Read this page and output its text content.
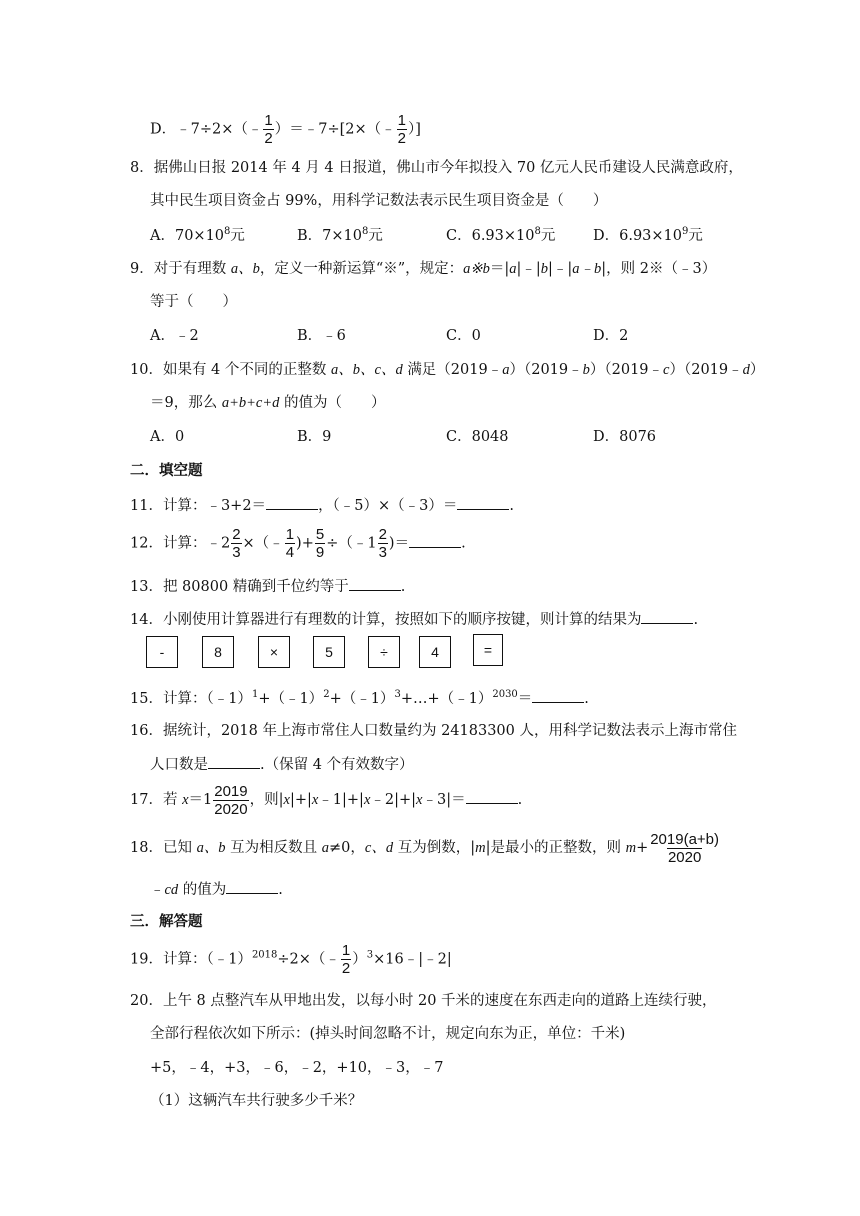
D．﹣7÷2×（﹣ $\frac{1}{2}$ ）＝﹣7÷[2×（﹣ $\frac{1}{2}$ ）]
8．据佛山日报 2014 年 4 月 4 日报道，佛山市今年拟投入 70 亿元人民币建设人民满意政府，
其中民生项目资金占 99%，用科学记数法表示民生项目资金是（　　）
A．$70\times 10^8$元	B．$7\times 10^8$元	C．$6.93\times 10^8$元	D．$6.93\times 10^9$元
9．对于有理数 a、b，定义一种新运算“※”，规定：a※b＝|a|﹣|b|﹣|a﹣b|，则 2※（﹣3）
等于（　　）
A．﹣2	B．﹣6	C．0	D．2
10．如果有 4 个不同的正整数 a、b、c、d 满足（2019﹣a）（2019﹣b）（2019﹣c）（2019﹣d）
＝9，那么 a+b+c+d 的值为（　　）
A．0	B．9	C．8048	D．8076
二．填空题
11．计算：﹣3+2＝	，（﹣5）×（﹣3）＝	.
12．计算：﹣2 $\frac{2}{3}$ ×（﹣ $\frac{1}{4}$ )+ $\frac{5}{9}$ ÷（﹣1 $\frac{2}{3}$ )＝	.
13．把 80800 精确到千位约等于	.
14．小刚使用计算器进行有理数的计算，按照如下的顺序按键，则计算的结果为	.
-	8	×	5	÷	4	=
15．计算：（﹣1）$^1$+（﹣1）$^2$+（﹣1）$^3$+…+（﹣1）$^{2030}$＝	.
16．据统计，2018 年上海市常住人口数量约为 24183300 人，用科学记数法表示上海市常住
人口数是	.（保留 4 个有效数字）
17．若 $x=1 \frac{2019}{2020}$ ，则|x|+|x﹣1|+|x﹣2|+|x﹣3|＝	.
18．已知 a、b 互为相反数且 a≠0，c、d 互为倒数，|m|是最小的正整数，则 $m+ \frac{2019(a+b)}{2020}$
﹣cd 的值为	.
三．解答题
19．计算：（﹣1）$^{2018}$÷2×（﹣ $\frac{1}{2}$ ）$^3$×16﹣|﹣2|
20．上午 8 点整汽车从甲地出发，以每小时 20 千米的速度在东西走向的道路上连续行驶，
全部行程依次如下所示：(掉头时间忽略不计，规定向东为正，单位：千米)
+5，﹣4，+3，﹣6，﹣2，+10，﹣3，﹣7
（1）这辆汽车共行驶多少千米？
